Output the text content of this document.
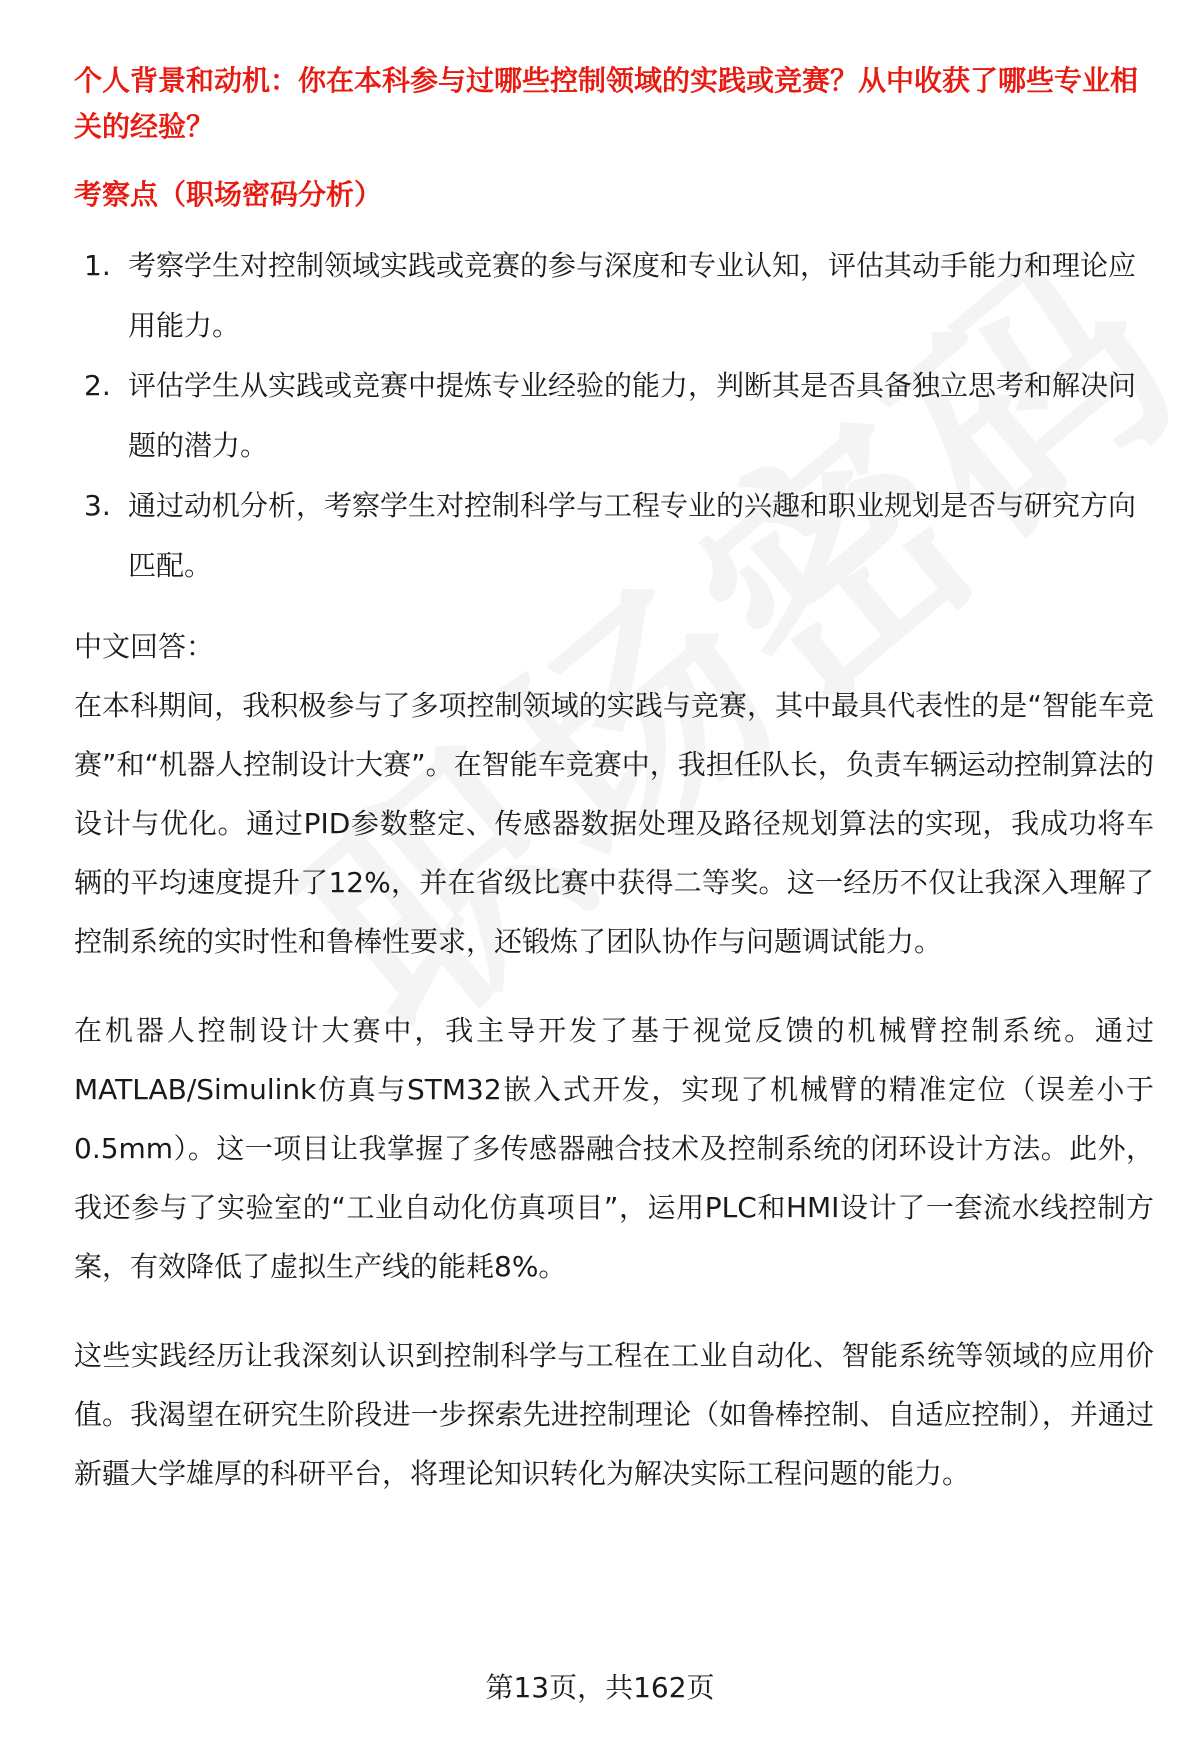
个人背景和动机：你在本科参与过哪些控制领域的实践或竞赛？从中收获了哪些专业相关的经验？

考察点（职场密码分析）
1. 考察学生对控制领域实践或竞赛的参与深度和专业认知，评估其动手能力和理论应用能力。
2. 评估学生从实践或竞赛中提炼专业经验的能力，判断其是否具备独立思考和解决问题的潜力。
3. 通过动机分析，考察学生对控制科学与工程专业的兴趣和职业规划是否与研究方向匹配。
中文回答：

在本科期间，我积极参与了多项控制领域的实践与竞赛，其中最具代表性的是“智能车竞赛”和“机器人控制设计大赛”。在智能车竞赛中，我担任队长，负责车辆运动控制算法的设计与优化。通过PID参数整定、传感器数据处理及路径规划算法的实现，我成功将车辆的平均速度提升了12%，并在省级比赛中获得二等奖。这一经历不仅让我深入理解了控制系统的实时性和鲁棒性要求，还锻炼了团队协作与问题调试能力。

在机器人控制设计大赛中，我主导开发了基于视觉反馈的机械臂控制系统。通过MATLAB/Simulink仿真与STM32嵌入式开发，实现了机械臂的精准定位（误差小于0.5mm）。这一项目让我掌握了多传感器融合技术及控制系统的闭环设计方法。此外，我还参与了实验室的“工业自动化仿真项目”，运用PLC和HMI设计了一套流水线控制方案，有效降低了虚拟生产线的能耗8%。

这些实践经历让我深刻认识到控制科学与工程在工业自动化、智能系统等领域的应用价值。我渴望在研究生阶段进一步探索先进控制理论（如鲁棒控制、自适应控制），并通过新疆大学雄厚的科研平台，将理论知识转化为解决实际工程问题的能力。

第13页，共162页
